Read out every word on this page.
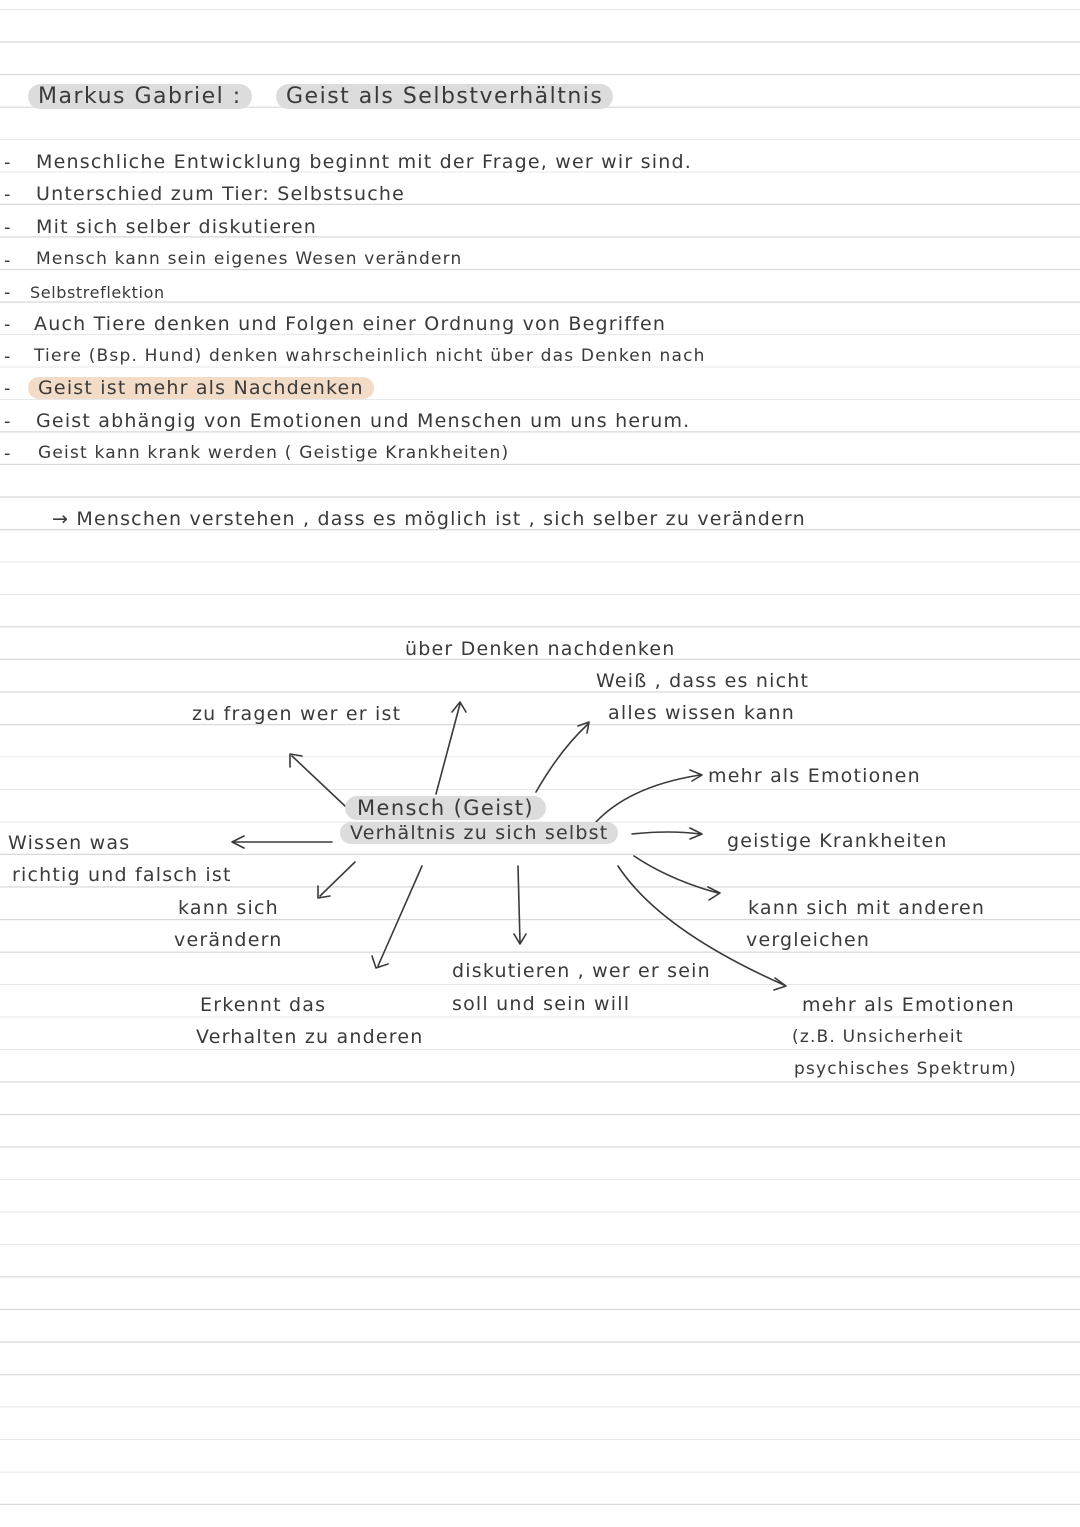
Markus Gabriel :	Geist als Selbstverhältnis
- Menschliche Entwicklung beginnt mit der Frage, wer wir sind.
- Unterschied zum Tier: Selbstsuche
- Mit sich selber diskutieren
- Mensch kann sein eigenes Wesen verändern
- Selbstreflektion
- Auch Tiere denken und Folgen einer Ordnung von Begriffen
- Tiere (Bsp. Hund) denken wahrscheinlich nicht über das Denken nach
-	Geist ist mehr als Nachdenken
- Geist abhängig von Emotionen und Menschen um uns herum.
- Geist kann krank werden ( Geistige Krankheiten)
→ Menschen verstehen , dass es möglich ist , sich selber zu verändern
Mensch (Geist)
Verhältnis zu sich selbst
über Denken nachdenken
Weiß , dass es nicht
alles wissen kann
zu fragen wer er ist
mehr als Emotionen
geistige Krankheiten
Wissen was
richtig und falsch ist
kann sich
verändern
Erkennt das
Verhalten zu anderen
diskutieren , wer er sein
soll und sein will
kann sich mit anderen
vergleichen
mehr als Emotionen
(z.B. Unsicherheit
psychisches Spektrum)
